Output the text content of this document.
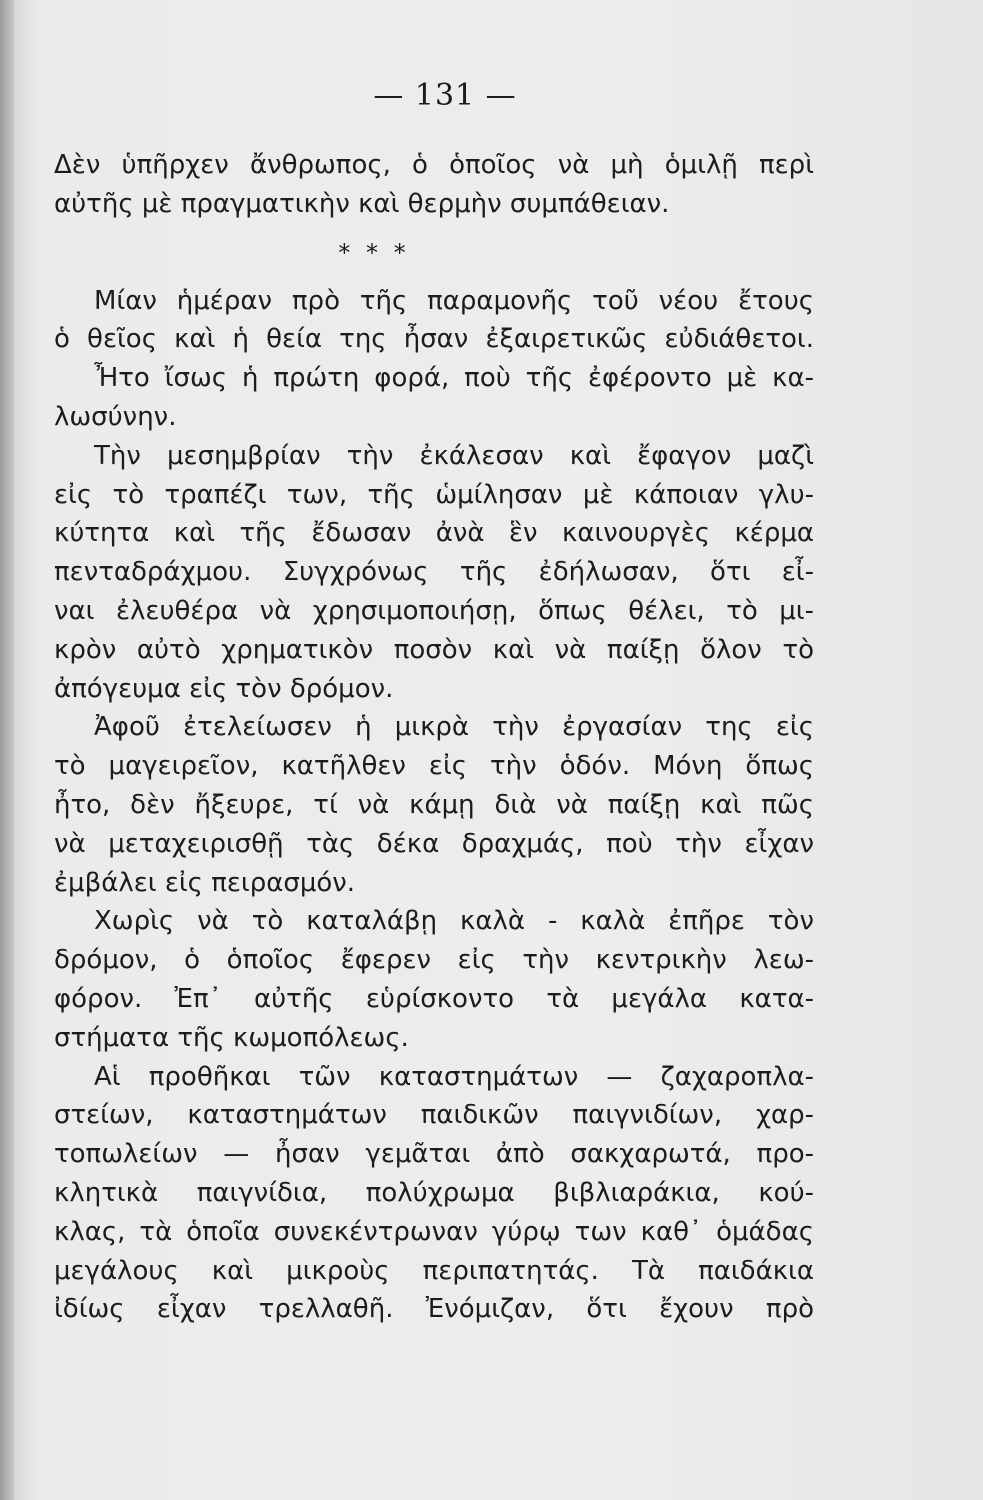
— 131 —
Δὲν ὑπῆρχεν ἄνθρωπος, ὁ ὁποῖος νὰ μὴ ὁμιλῇ περὶ
αὐτῆς μὲ πραγματικὴν καὶ θερμὴν συμπάθειαν.
* * *
Μίαν ἡμέραν πρὸ τῆς παραμονῆς τοῦ νέου ἔτους
ὁ θεῖος καὶ ἡ θεία της ἦσαν ἐξαιρετικῶς εὐδιάθετοι.
Ἦτο ἴσως ἡ πρώτη φορά, ποὺ τῆς ἐφέροντο μὲ κα-
λωσύνην.
Τὴν μεσημβρίαν τὴν ἐκάλεσαν καὶ ἔφαγον μαζὶ
εἰς τὸ τραπέζι των, τῆς ὡμίλησαν μὲ κάποιαν γλυ-
κύτητα καὶ τῆς ἔδωσαν ἀνὰ ἓν καινουργὲς κέρμα
πενταδράχμου. Συγχρόνως τῆς ἐδήλωσαν, ὅτι εἶ-
ναι ἐλευθέρα νὰ χρησιμοποιήσῃ, ὅπως θέλει, τὸ μι-
κρὸν αὐτὸ χρηματικὸν ποσὸν καὶ νὰ παίξῃ ὅλον τὸ
ἀπόγευμα εἰς τὸν δρόμον.
Ἀφοῦ ἐτελείωσεν ἡ μικρὰ τὴν ἐργασίαν της εἰς
τὸ μαγειρεῖον, κατῆλθεν εἰς τὴν ὁδόν. Μόνη ὅπως
ἦτο, δὲν ἤξευρε, τί νὰ κάμῃ διὰ νὰ παίξῃ καὶ πῶς
νὰ μεταχειρισθῇ τὰς δέκα δραχμάς, ποὺ τὴν εἶχαν
ἐμβάλει εἰς πειρασμόν.
Χωρὶς νὰ τὸ καταλάβῃ καλὰ - καλὰ ἐπῆρε τὸν
δρόμον, ὁ ὁποῖος ἔφερεν εἰς τὴν κεντρικὴν λεω-
φόρον. Ἐπ᾽ αὐτῆς εὑρίσκοντο τὰ μεγάλα κατα-
στήματα τῆς κωμοπόλεως.
Αἱ προθῆκαι τῶν καταστημάτων — ζαχαροπλα-
στείων, καταστημάτων παιδικῶν παιγνιδίων, χαρ-
τοπωλείων — ἦσαν γεμᾶται ἀπὸ σακχαρωτά, προ-
κλητικὰ παιγνίδια, πολύχρωμα βιβλιαράκια, κού-
κλας, τὰ ὁποῖα συνεκέντρωναν γύρῳ των καθ᾽ ὁμάδας
μεγάλους καὶ μικροὺς περιπατητάς. Τὰ παιδάκια
ἰδίως εἶχαν τρελλαθῆ. Ἐνόμιζαν, ὅτι ἔχουν πρὸ
